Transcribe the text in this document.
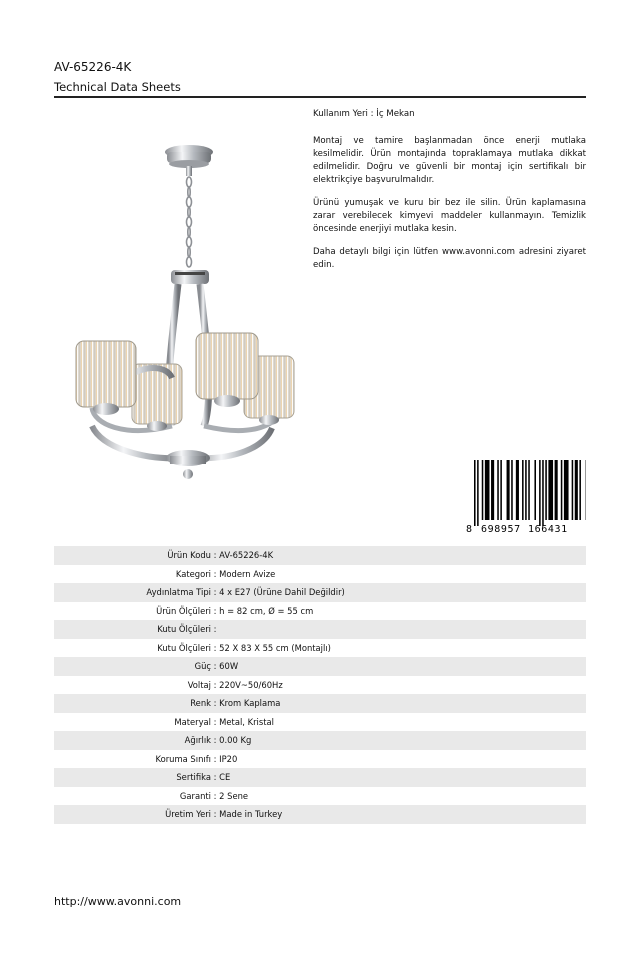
AV-65226-4K
Technical Data Sheets

Kullanım Yeri : İç Mekan

Montaj ve tamire başlanmadan önce enerji mutlaka kesilmelidir. Ürün montajında topraklamaya mutlaka dikkat edilmelidir. Doğru ve güvenli bir montaj için sertifikalı bir elektrikçiye başvurulmalıdır.

Ürünü yumuşak ve kuru bir bez ile silin. Ürün kaplamasına zarar verebilecek kimyevi maddeler kullanmayın. Temizlik öncesinde enerjiyi mutlaka kesin.

Daha detaylı bilgi için lütfen www.avonni.com adresini ziyaret edin.

8 698957 166431
Ürün Kodu : AV-65226-4K
Kategori : Modern Avize
Aydınlatma Tipi : 4 x E27 (Ürüne Dahil Değildir)
Ürün Ölçüleri : h = 82 cm, Ø = 55 cm
Kutu Ölçüleri :
Kutu Ölçüleri : 52 X 83 X 55 cm (Montajlı)
Güç : 60W
Voltaj : 220V~50/60Hz
Renk : Krom Kaplama
Materyal : Metal, Kristal
Ağırlık : 0.00 Kg
Koruma Sınıfı : IP20
Sertifika : CE
Garanti : 2 Sene
Üretim Yeri : Made in Turkey
http://www.avonni.com
